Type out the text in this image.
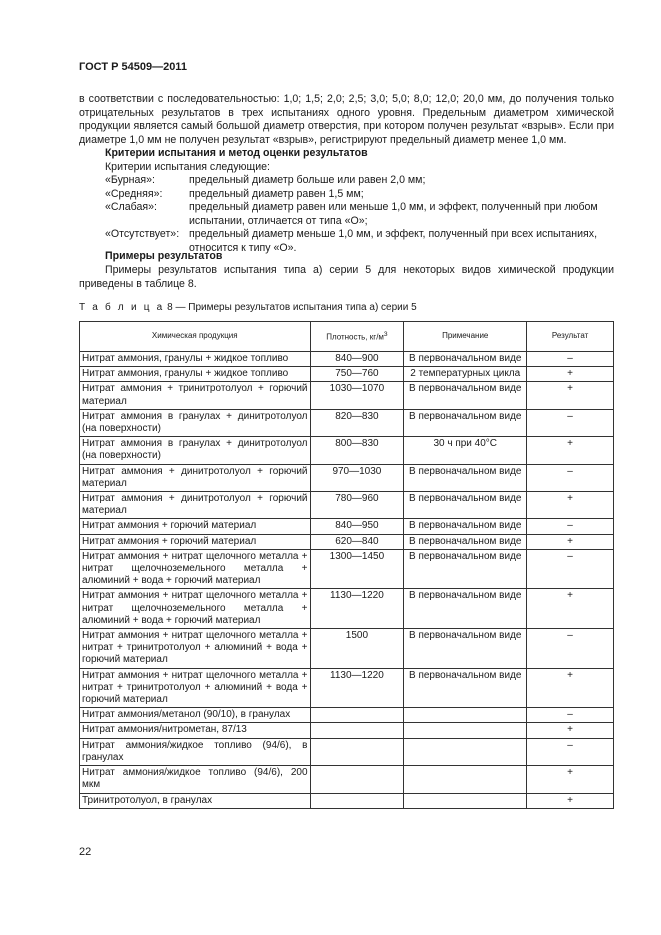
ГОСТ Р 54509—2011
в соответствии с последовательностью: 1,0; 1,5; 2,0; 2,5; 3,0; 5,0; 8,0; 12,0; 20,0 мм, до получения только отрицательных результатов в трех испытаниях одного уровня. Предельным диаметром химической продукции является самый большой диаметр отверстия, при котором получен результат «взрыв». Если при диаметре 1,0 мм не получен результат «взрыв», регистрируют предельный диаметр менее 1,0 мм.
Критерии испытания и метод оценки результатов
Критерии испытания следующие:
«Бурная»:	предельный диаметр больше или равен 2,0 мм;
«Средняя»:	предельный диаметр равен 1,5 мм;
«Слабая»:	предельный диаметр равен или меньше 1,0 мм, и эффект, полученный при любом испытании, отличается от типа «О»;
«Отсутствует»: предельный диаметр меньше 1,0 мм, и эффект, полученный при всех испытаниях, относится к типу «О».
Примеры результатов
Примеры результатов испытания типа а) серии 5 для некоторых видов химической продукции приведены в таблице 8.
Т а б л и ц а 8 — Примеры результатов испытания типа а) серии 5
Химическая продукция	Плотность, $кг/м^3$	Примечание	Результат
Нитрат аммония, гранулы + жидкое топливо	840—900	В первоначальном виде	–
Нитрат аммония, гранулы + жидкое топливо	750—760	2 температурных цикла	+
Нитрат аммония + тринитротолуол + горючий материал	1030—1070	В первоначальном виде	+
Нитрат аммония в гранулах + динитротолуол (на поверхности)	820—830	В первоначальном виде	–
Нитрат аммония в гранулах + динитротолуол (на поверхности)	800—830	30 ч при 40°С	+
Нитрат аммония + динитротолуол + горючий материал	970—1030	В первоначальном виде	–
Нитрат аммония + динитротолуол + горючий материал	780—960	В первоначальном виде	+
Нитрат аммония + горючий материал	840—950	В первоначальном виде	–
Нитрат аммония + горючий материал	620—840	В первоначальном виде	+
Нитрат аммония + нитрат щелочного металла + нитрат щелочноземельного металла + алюминий + вода + горючий материал	1300—1450	В первоначальном виде	–
Нитрат аммония + нитрат щелочного металла + нитрат щелочноземельного металла + алюминий + вода + горючий материал	1130—1220	В первоначальном виде	+
Нитрат аммония + нитрат щелочного металла + нитрат + тринитротолуол + алюминий + вода + горючий материал	1500	В первоначальном виде	–
Нитрат аммония + нитрат щелочного металла + нитрат + тринитротолуол + алюминий + вода + горючий материал	1130—1220	В первоначальном виде	+
Нитрат аммония/метанол (90/10), в гранулах			–
Нитрат аммония/нитрометан, 87/13			+
Нитрат аммония/жидкое топливо (94/6), в гранулах			–
Нитрат аммония/жидкое топливо (94/6), 200 мкм			+
Тринитротолуол, в гранулах			+
22
